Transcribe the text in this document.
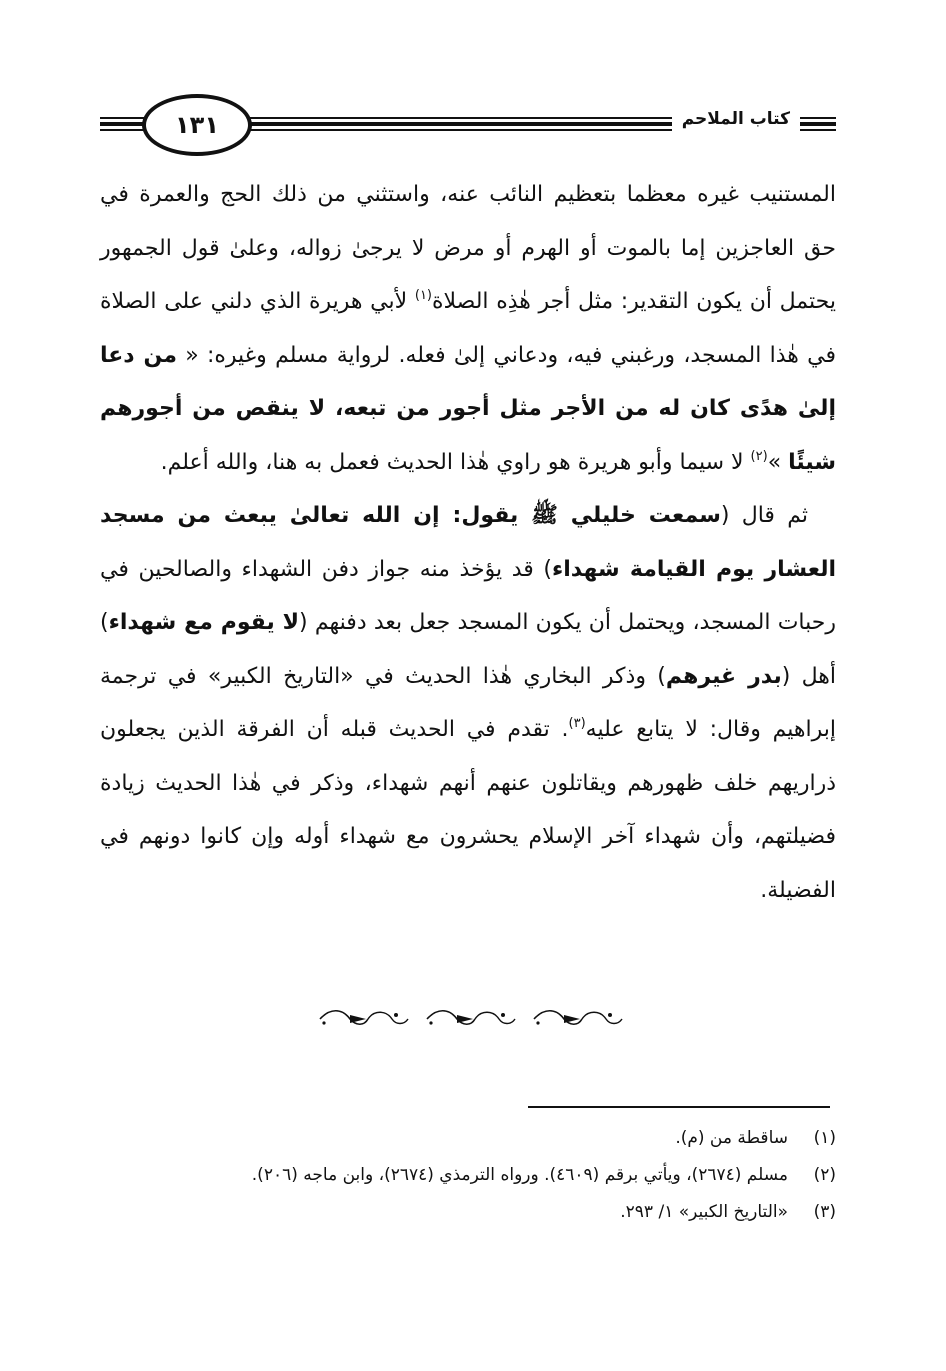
كتاب الملاحم
١٣١

المستنيب غيره معظما بتعظيم النائب عنه، واستثني من ذلك الحج والعمرة في حق العاجزين إما بالموت أو الهرم أو مرض لا يرجىٰ زواله، وعلىٰ قول الجمهور يحتمل أن يكون التقدير: مثل أجر هٰذِه الصلاة$^{(١)}$ لأبي هريرة الذي دلني على الصلاة في هٰذا المسجد، ورغبني فيه، ودعاني إلىٰ فعله. لرواية مسلم وغيره: « من دعا إلىٰ هدًى كان له من الأجر مثل أجور من تبعه، لا ينقص من أجورهم شيئًا »$^{(٢)}$ لا سيما وأبو هريرة هو راوي هٰذا الحديث فعمل به هنا، والله أعلم.

ثم قال (سمعت خليلي ﷺ يقول: إن الله تعالىٰ يبعث من مسجد العشار يوم القيامة شهداء) قد يؤخذ منه جواز دفن الشهداء والصالحين في رحبات المسجد، ويحتمل أن يكون المسجد جعل بعد دفنهم (لا يقوم مع شهداء) أهل (بدر غيرهم) وذكر البخاري هٰذا الحديث في «التاريخ الكبير» في ترجمة إبراهيم وقال: لا يتابع عليه$^{(٣)}$. تقدم في الحديث قبله أن الفرقة الذين يجعلون ذراريهم خلف ظهورهم ويقاتلون عنهم أنهم شهداء، وذكر في هٰذا الحديث زيادة فضيلتهم، وأن شهداء آخر الإسلام يحشرون مع شهداء أوله وإن كانوا دونهم في الفضيلة.

(١)
ساقطة من (م).
(٢)
مسلم (٢٦٧٤)، ويأتي برقم (٤٦٠٩). ورواه الترمذي (٢٦٧٤)، وابن ماجه (٢٠٦).
(٣)
«التاريخ الكبير» ١/ ٢٩٣.
